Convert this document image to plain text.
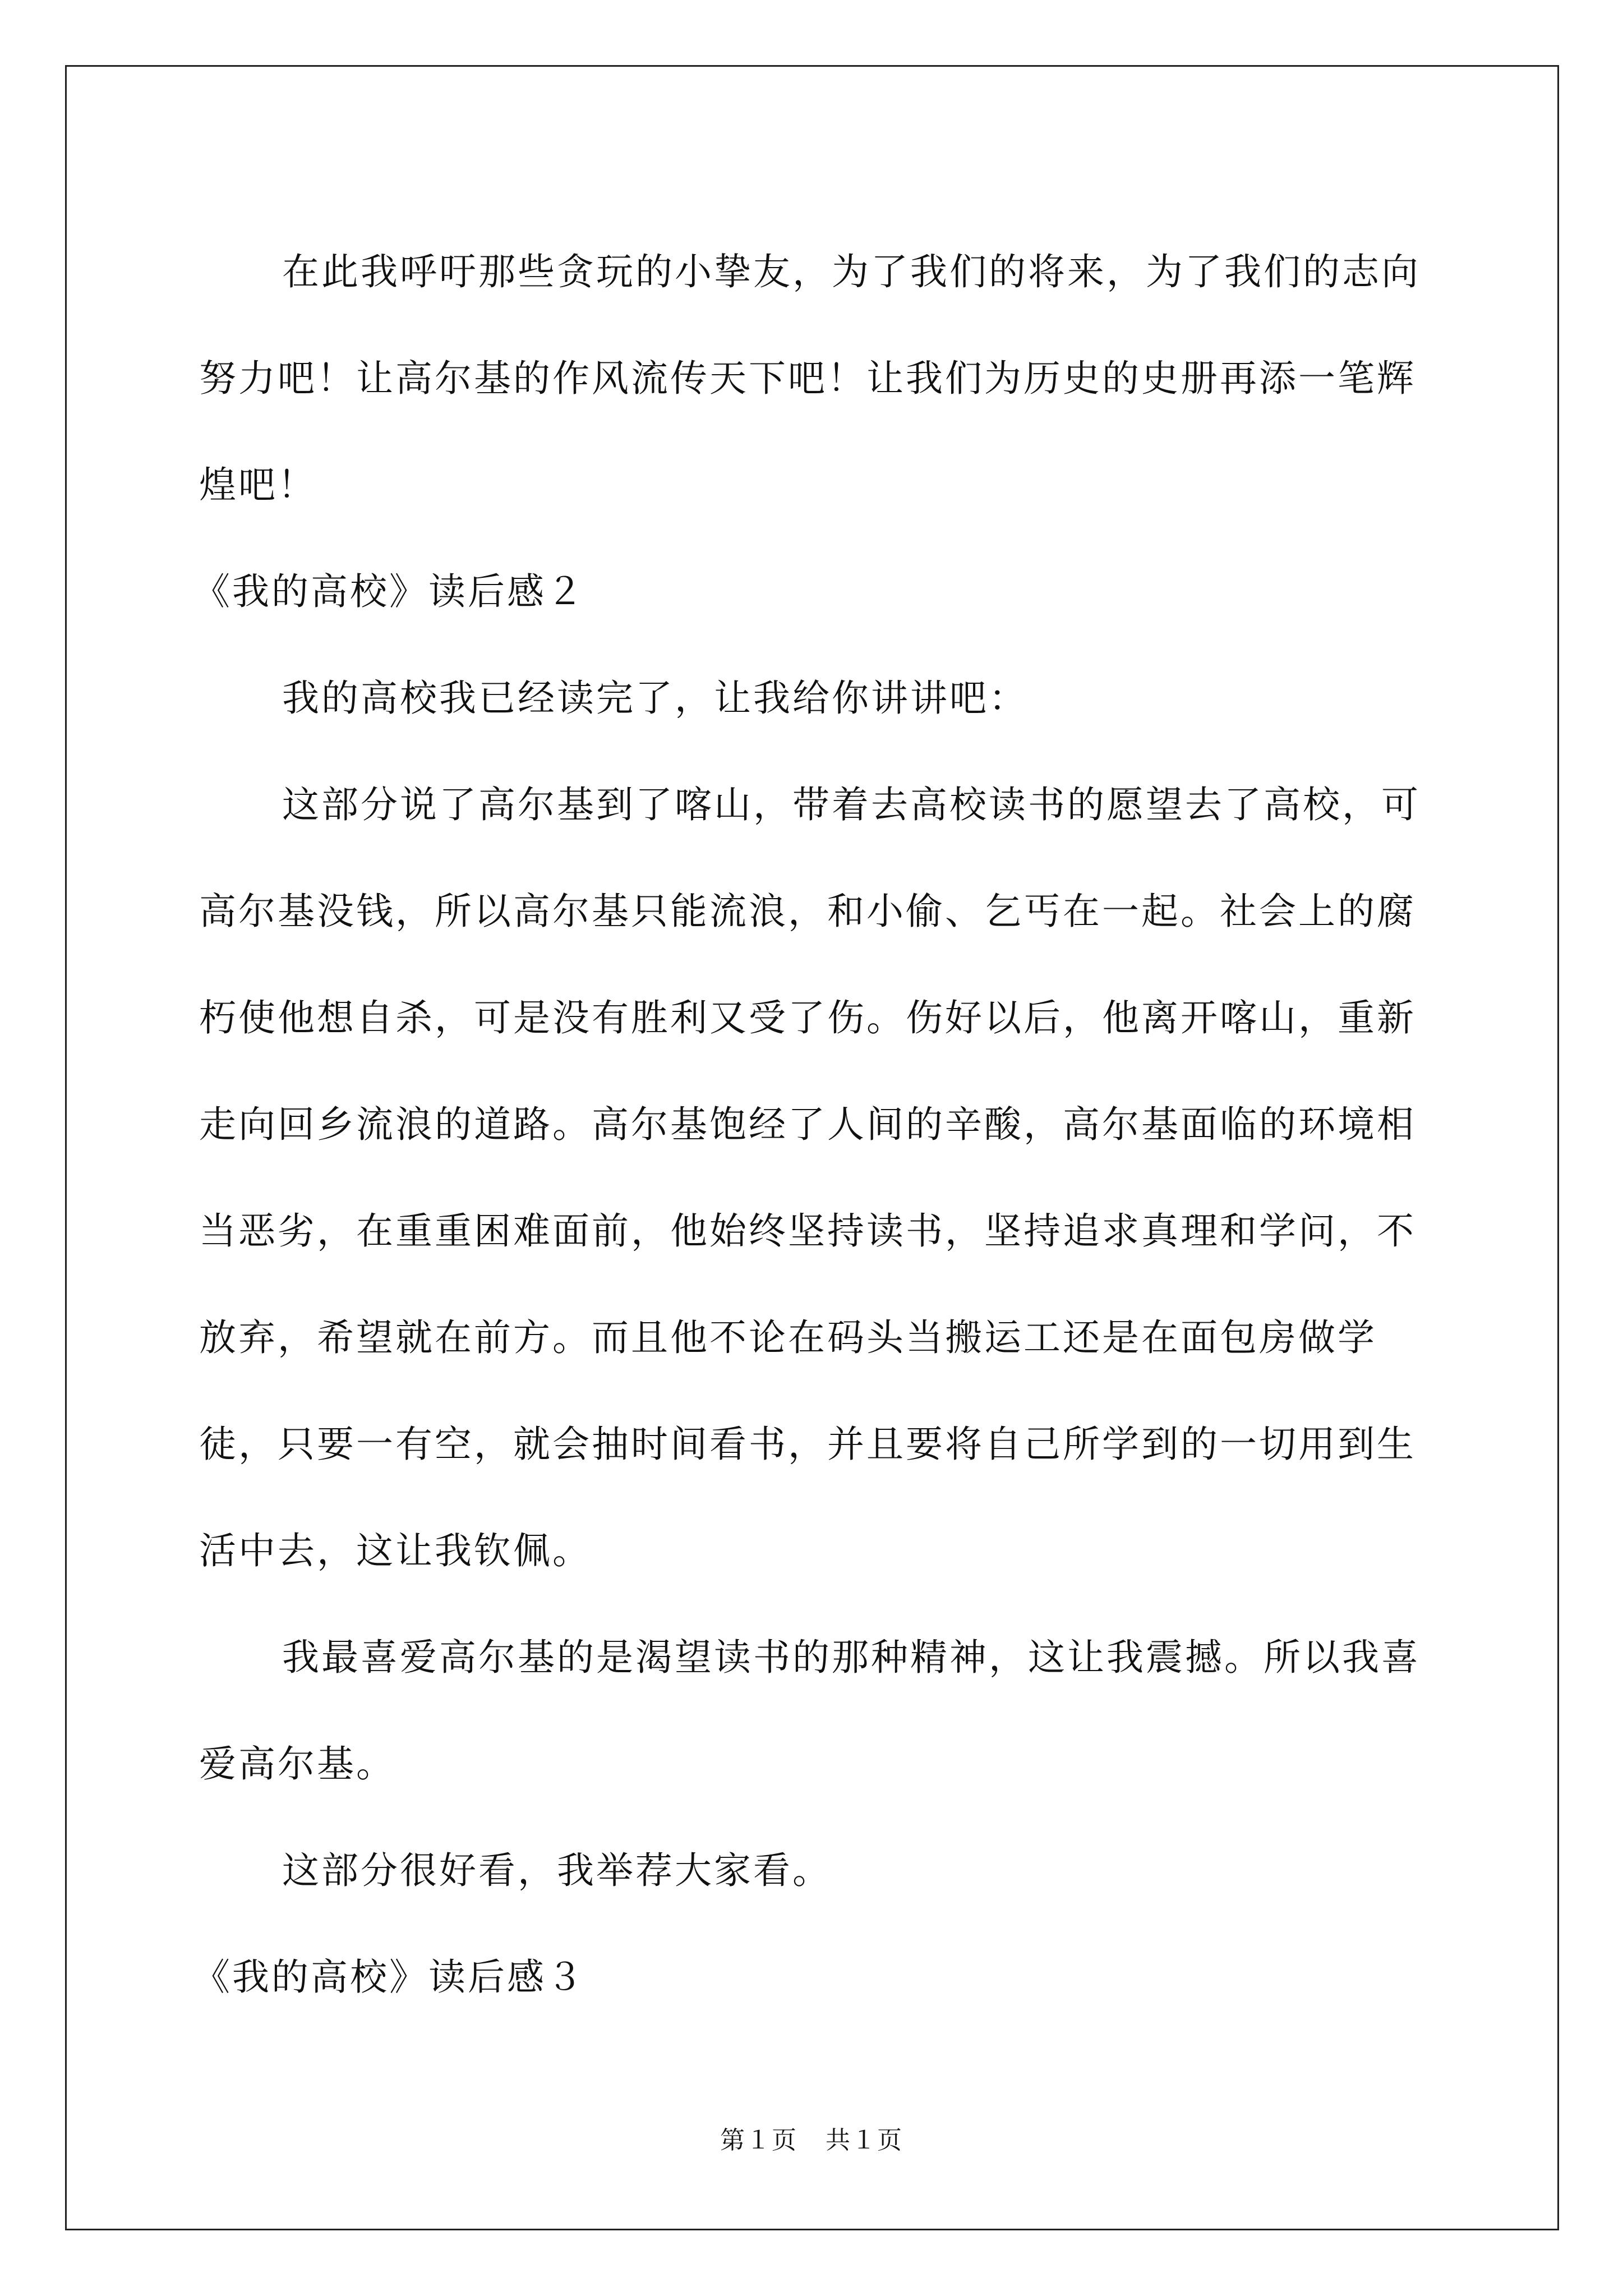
在此我呼吁那些贪玩的小挚友，为了我们的将来，为了我们的志向努力吧！让高尔基的作风流传天下吧！让我们为历史的史册再添一笔辉煌吧！

《我的高校》读后感２

我的高校我已经读完了，让我给你讲讲吧：

这部分说了高尔基到了喀山，带着去高校读书的愿望去了高校，可高尔基没钱，所以高尔基只能流浪，和小偷、乞丐在一起。社会上的腐朽使他想自杀，可是没有胜利又受了伤。伤好以后，他离开喀山，重新走向回乡流浪的道路。高尔基饱经了人间的辛酸，高尔基面临的环境相当恶劣，在重重困难面前，他始终坚持读书，坚持追求真理和学问，不放弃，希望就在前方。而且他不论在码头当搬运工还是在面包房做学徒，只要一有空，就会抽时间看书，并且要将自己所学到的一切用到生活中去，这让我钦佩。

我最喜爱高尔基的是渴望读书的那种精神，这让我震撼。所以我喜爱高尔基。

这部分很好看，我举荐大家看。

《我的高校》读后感３

第１页 共１页
